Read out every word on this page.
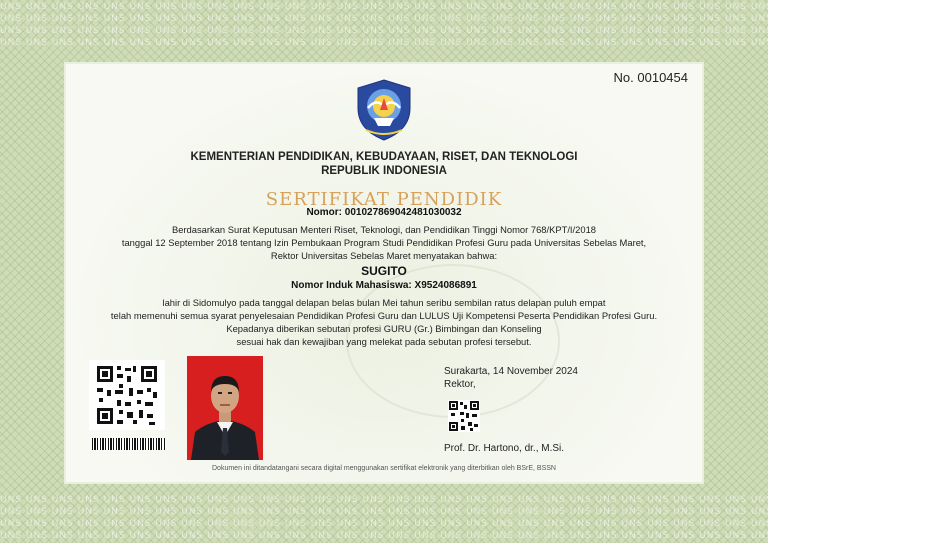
UNS UNS UNS UNS UNS UNS UNS UNS UNS UNS UNS UNS UNS UNS UNS UNS UNS UNS UNS UNS UNS UNS UNS UNS UNS UNS UNS UNS UNS UNS UNS UNS UNS UNS UNS UNS
UNS UNS UNS UNS UNS UNS UNS UNS UNS UNS UNS UNS UNS UNS UNS UNS UNS UNS UNS UNS UNS UNS UNS UNS UNS UNS UNS UNS UNS UNS UNS UNS UNS UNS UNS UNS
UNS UNS UNS UNS UNS UNS UNS UNS UNS UNS UNS UNS UNS UNS UNS UNS UNS UNS UNS UNS UNS UNS UNS UNS UNS UNS UNS UNS UNS UNS UNS UNS UNS UNS UNS UNS
UNS UNS UNS UNS UNS UNS UNS UNS UNS UNS UNS UNS UNS UNS UNS UNS UNS UNS UNS UNS UNS UNS UNS UNS UNS UNS UNS UNS UNS UNS UNS UNS UNS UNS UNS UNS
UNS UNS UNS UNS UNS UNS UNS UNS UNS UNS UNS UNS UNS UNS UNS UNS UNS UNS UNS UNS UNS UNS UNS UNS UNS UNS UNS UNS UNS UNS UNS UNS UNS UNS UNS UNS
UNS UNS UNS UNS UNS UNS UNS UNS UNS UNS UNS UNS UNS UNS UNS UNS UNS UNS UNS UNS UNS UNS UNS UNS UNS UNS UNS UNS UNS UNS UNS UNS UNS UNS UNS UNS
UNS UNS UNS UNS UNS UNS UNS UNS UNS UNS UNS UNS UNS UNS UNS UNS UNS UNS UNS UNS UNS UNS UNS UNS UNS UNS UNS UNS UNS UNS UNS UNS UNS UNS UNS UNS
UNS UNS UNS UNS UNS UNS UNS UNS UNS UNS UNS UNS UNS UNS UNS UNS UNS UNS UNS UNS UNS UNS UNS UNS UNS UNS UNS UNS UNS UNS UNS UNS UNS UNS UNS UNS
No. 0010454
KEMENTERIAN PENDIDIKAN, KEBUDAYAAN, RISET, DAN TEKNOLOGI
REPUBLIK INDONESIA
SERTIFIKAT PENDIDIK
Nomor: 001027869042481030032
Berdasarkan Surat Keputusan Menteri Riset, Teknologi, dan Pendidikan Tinggi Nomor 768/KPT/I/2018
tanggal 12 September 2018 tentang Izin Pembukaan Program Studi Pendidikan Profesi Guru pada Universitas Sebelas Maret,
Rektor Universitas Sebelas Maret menyatakan bahwa:
SUGITO
Nomor Induk Mahasiswa: X9524086891
lahir di Sidomulyo pada tanggal delapan belas bulan Mei tahun seribu sembilan ratus delapan puluh empat
telah memenuhi semua syarat penyelesaian Pendidikan Profesi Guru dan LULUS Uji Kompetensi Peserta Pendidikan Profesi Guru.
Kepadanya diberikan sebutan profesi GURU (Gr.) Bimbingan dan Konseling
sesuai hak dan kewajiban yang melekat pada sebutan profesi tersebut.
Surakarta, 14 November 2024
Rektor,
Prof. Dr. Hartono, dr., M.Si.
Dokumen ini ditandatangani secara digital menggunakan sertifikat elektronik yang diterbitkan oleh BSrE, BSSN
